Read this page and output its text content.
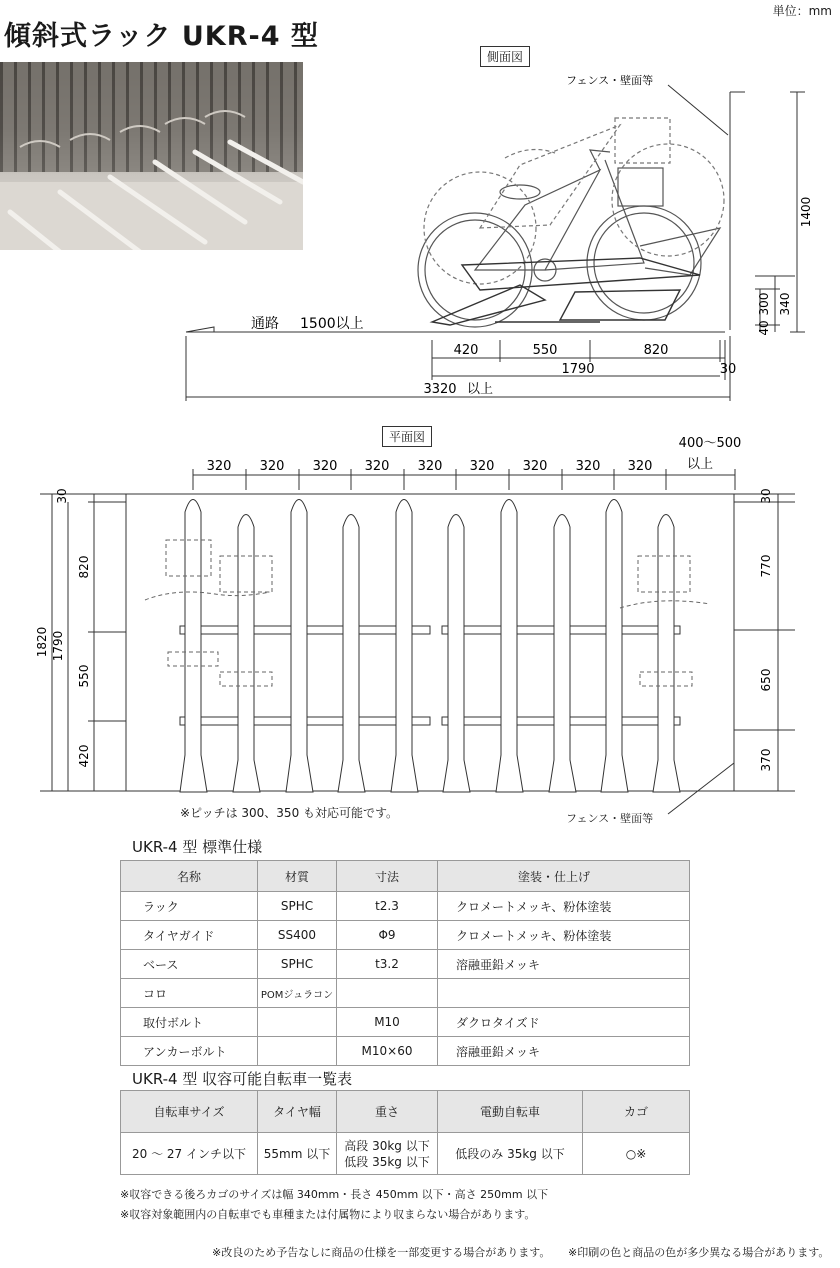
傾斜式ラック UKR-4 型
単位：mm
側面図
1400
340
300
40
420	550	820
1790	30
3320 以上
通路 1500以上
フェンス・壁面等
平面図
320 320 320 320 320 320 320 320 320
400～500
以上
30
820
550
420
1820 1790
30
770
650
370
※ピッチは 300、350 も対応可能です。	フェンス・壁面等
UKR-4 型 標準仕様
名称	材質	寸法	塗装・仕上げ
ラック	SPHC	t2.3	クロメートメッキ、粉体塗装
タイヤガイド	SS400	Φ9	クロメートメッキ、粉体塗装
ベース	SPHC	t3.2	溶融亜鉛メッキ
コロ	POMジュラコン		
取付ボルト		M10	ダクロタイズド
アンカーボルト		M10×60	溶融亜鉛メッキ
UKR-4 型 収容可能自転車一覧表
自転車サイズ	タイヤ幅	重さ	電動自転車	カゴ
20 ～ 27 インチ以下	55mm 以下	高段 30kg 以下
低段 35kg 以下	低段のみ 35kg 以下	○※
※収容できる後ろカゴのサイズは幅 340mm・長さ 450mm 以下・高さ 250mm 以下
※収容対象範囲内の自転車でも車種または付属物により収まらない場合があります。
※改良のため予告なしに商品の仕様を一部変更する場合があります。 ※印刷の色と商品の色が多少異なる場合があります。
